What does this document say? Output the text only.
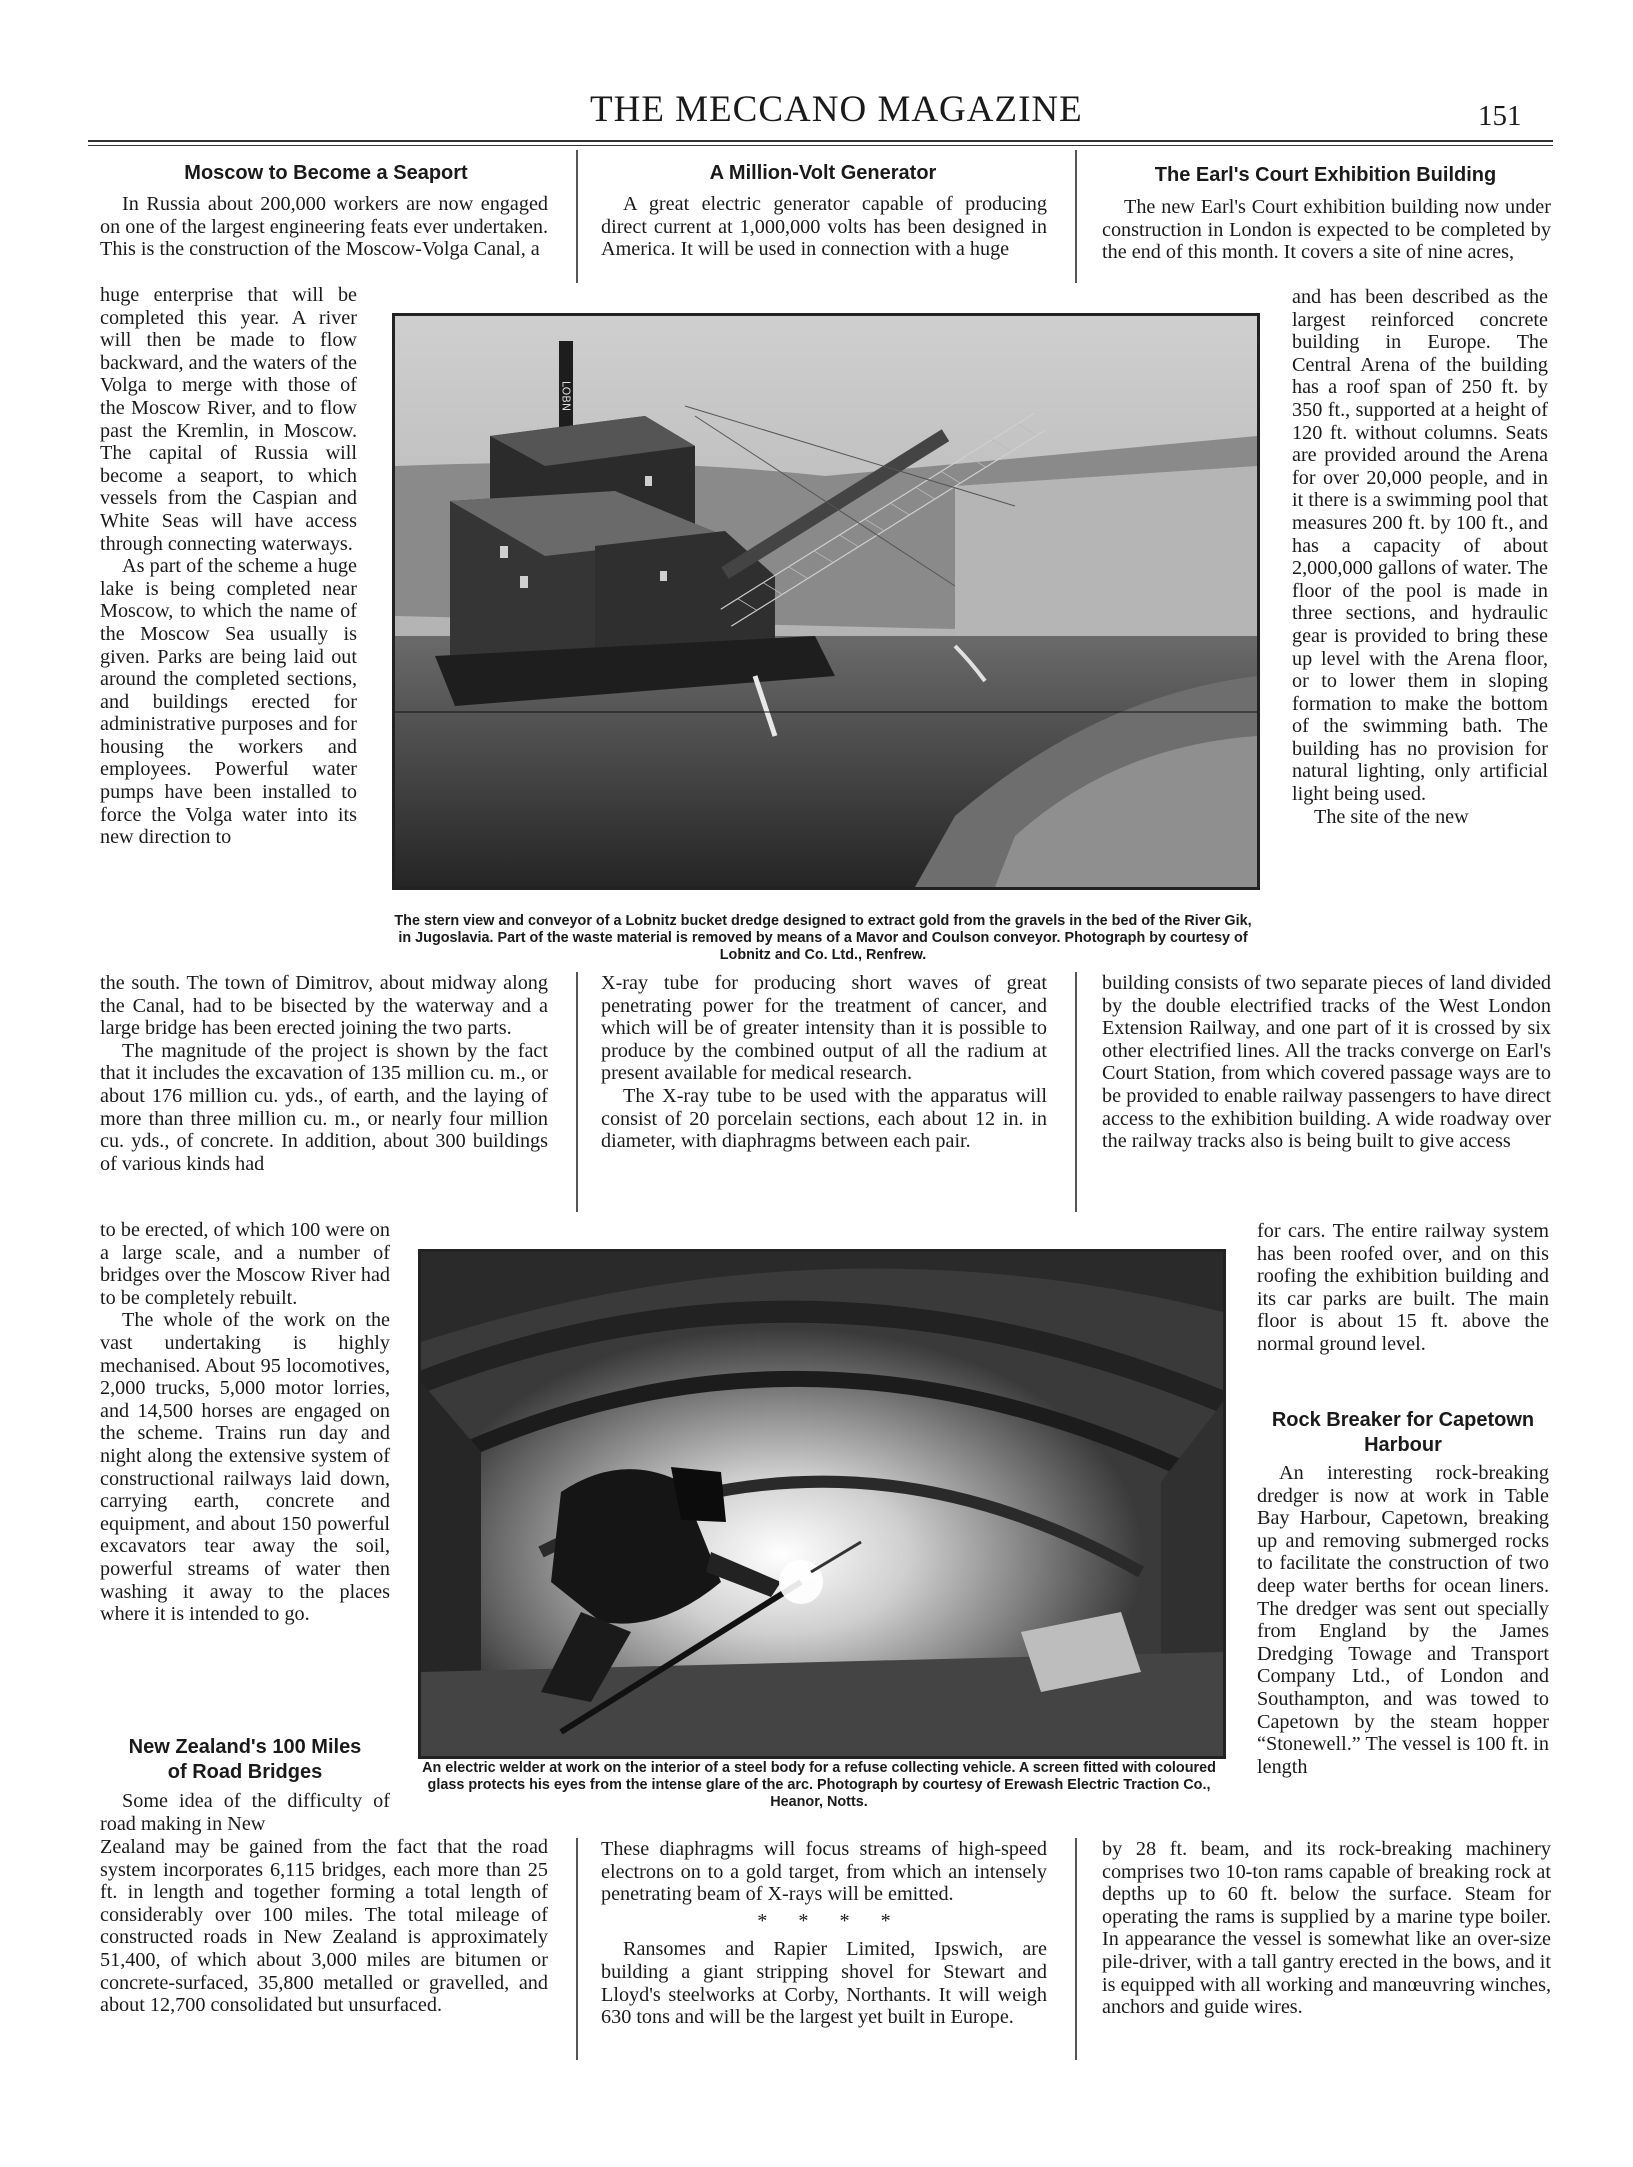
THE MECCANO MAGAZINE	151
Moscow to Become a Seaport

In Russia about 200,000 workers are now engaged on one of the largest engineering feats ever undertaken. This is the construction of the Moscow-Volga Canal, a

huge enterprise that will be completed this year. A river will then be made to flow backward, and the waters of the Volga to merge with those of the Moscow River, and to flow past the Kremlin, in Moscow. The capital of Russia will become a seaport, to which vessels from the Caspian and White Seas will have access through connecting waterways.

As part of the scheme a huge lake is being completed near Moscow, to which the name of the Moscow Sea usually is given. Parks are being laid out around the completed sections, and buildings erected for administrative purposes and for housing the workers and employees. Powerful water pumps have been installed to force the Volga water into its new direction to

the south. The town of Dimitrov, about midway along the Canal, had to be bisected by the waterway and a large bridge has been erected joining the two parts.

The magnitude of the project is shown by the fact that it includes the excavation of 135 million cu. m., or about 176 million cu. yds., of earth, and the laying of more than three million cu. m., or nearly four million cu. yds., of concrete. In addition, about 300 buildings of various kinds had

to be erected, of which 100 were on a large scale, and a number of bridges over the Moscow River had to be completely rebuilt.

The whole of the work on the vast undertaking is highly mechanised. About 95 locomotives, 2,000 trucks, 5,000 motor lorries, and 14,500 horses are engaged on the scheme. Trains run day and night along the extensive system of constructional railways laid down, carrying earth, concrete and equipment, and about 150 powerful excavators tear away the soil, powerful streams of water then washing it away to the places where it is intended to go.

New Zealand's 100 Miles
of Road Bridges

Some idea of the difficulty of road making in New

Zealand may be gained from the fact that the road system incorporates 6,115 bridges, each more than 25 ft. in length and together forming a total length of considerably over 100 miles. The total mileage of constructed roads in New Zealand is approximately 51,400, of which about 3,000 miles are bitumen or concrete-surfaced, 35,800 metalled or gravelled, and about 12,700 consolidated but unsurfaced.

A Million-Volt Generator

A great electric generator capable of producing direct current at 1,000,000 volts has been designed in America. It will be used in connection with a huge

X-ray tube for producing short waves of great penetrating power for the treatment of cancer, and which will be of greater intensity than it is possible to produce by the combined output of all the radium at present available for medical research.

The X-ray tube to be used with the apparatus will consist of 20 porcelain sections, each about 12 in. in diameter, with diaphragms between each pair.

These diaphragms will focus streams of high-speed electrons on to a gold target, from which an intensely penetrating beam of X-rays will be emitted.

* * * *

Ransomes and Rapier Limited, Ipswich, are building a giant stripping shovel for Stewart and Lloyd's steelworks at Corby, Northants. It will weigh 630 tons and will be the largest yet built in Europe.

The Earl's Court Exhibition Building

The new Earl's Court exhibition building now under construction in London is expected to be completed by the end of this month. It covers a site of nine acres,

and has been described as the largest reinforced concrete building in Europe. The Central Arena of the building has a roof span of 250 ft. by 350 ft., supported at a height of 120 ft. without columns. Seats are provided around the Arena for over 20,000 people, and in it there is a swimming pool that measures 200 ft. by 100 ft., and has a capacity of about 2,000,000 gallons of water. The floor of the pool is made in three sections, and hydraulic gear is provided to bring these up level with the Arena floor, or to lower them in sloping formation to make the bottom of the swimming bath. The building has no provision for natural lighting, only artificial light being used.

The site of the new

building consists of two separate pieces of land divided by the double electrified tracks of the West London Extension Railway, and one part of it is crossed by six other electrified lines. All the tracks converge on Earl's Court Station, from which covered passage ways are to be provided to enable railway passengers to have direct access to the exhibition building. A wide roadway over the railway tracks also is being built to give access

for cars. The entire railway system has been roofed over, and on this roofing the exhibition building and its car parks are built. The main floor is about 15 ft. above the normal ground level.

Rock Breaker for Capetown
Harbour

An interesting rock-breaking dredger is now at work in Table Bay Harbour, Capetown, breaking up and removing submerged rocks to facilitate the construction of two deep water berths for ocean liners. The dredger was sent out specially from England by the James Dredging Towage and Transport Company Ltd., of London and Southampton, and was towed to Capetown by the steam hopper “Stonewell.” The vessel is 100 ft. in length

by 28 ft. beam, and its rock-breaking machinery comprises two 10-ton rams capable of breaking rock at depths up to 60 ft. below the surface. Steam for operating the rams is supplied by a marine type boiler. In appearance the vessel is somewhat like an over-size pile-driver, with a tall gantry erected in the bows, and it is equipped with all working and manœuvring winches, anchors and guide wires.

LOBN
The stern view and conveyor of a Lobnitz bucket dredge designed to extract gold from the gravels in the bed of the River Gik, in Jugoslavia. Part of the waste material is removed by means of a Mavor and Coulson conveyor. Photograph by courtesy of Lobnitz and Co. Ltd., Renfrew.
An electric welder at work on the interior of a steel body for a refuse collecting vehicle. A screen fitted with coloured glass protects his eyes from the intense glare of the arc. Photograph by courtesy of Erewash Electric Traction Co., Heanor, Notts.
